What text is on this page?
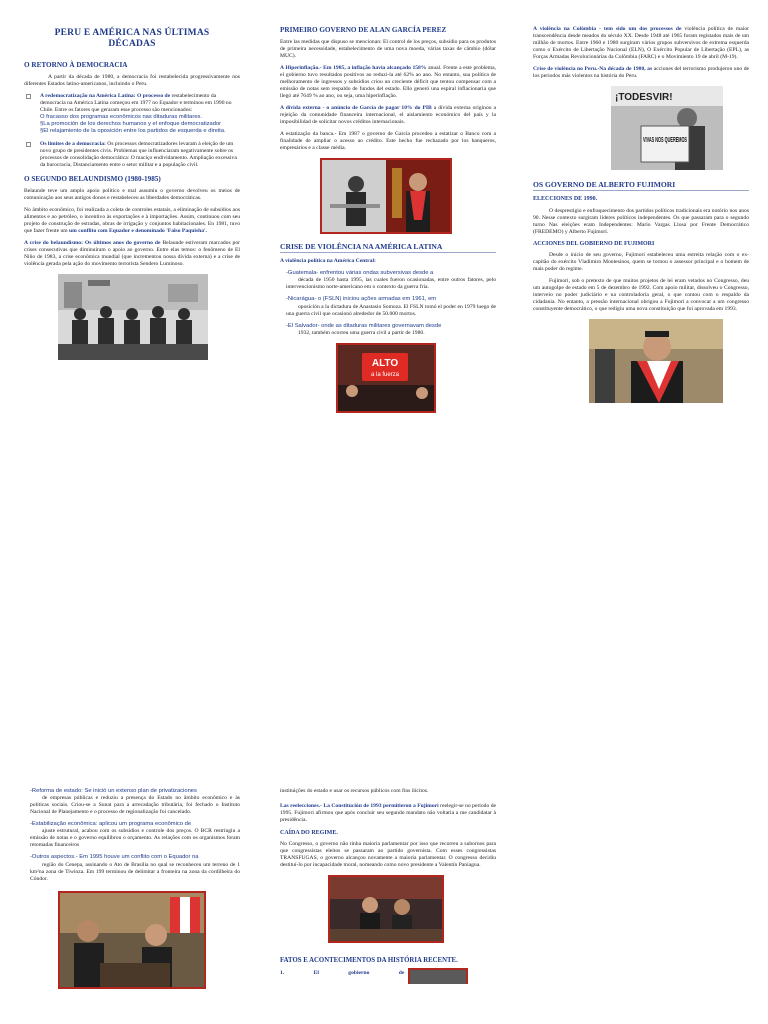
PERU E AMÉRICA NAS ÚLTIMAS DÉCADAS
O RETORNO À DEMOCRACIA

A partir da década de 1980, a democracia foi restabelecida progressivamente nos diferentes Estados latino-americanos, incluindo o Peru.

A redemocratização na América Latina: O processo de restabelecimento da democracia na América Latina começou em 1977 no Equador e terminou em 1990 no Chile. Entre os fatores que geraram esse processo são mencionados:
O fracasso dos programas econômicos nas ditaduras militares.
§La promoción de los derechos humanos y el enfoque democratizador
§El relajamiento de la oposición entre los partidos de esquerda e direita.
Os limites de a democracia: Os processos democratizadores levaram à eleição de um novo grupo de presidentes civis. Problemas que influenciaram negativamente sobre os processos de consolidação democrática: O maciço endividamento. Ampliação excessiva da burocracia, Distanciamento entre o setor militar e a população civil.
O SEGUNDO BELAUNDISMO (1980-1985)

Belaunde teve um amplo apoio político e mal assumiu o governo devolveu os meios de comunicação aos seus antigos donos e restabeleceu as liberdades democráticas.

No âmbito econômico, foi realizada a coleta de controles estatais, a eliminação de subsídios aos alimentos e ao petróleo, o incentivo às exportações e à importações. Assim, continuou com seu projeto de construção de estradas, obras de irrigação y conjuntos habitacionales. En 1981, tuvo que fazer frente um um conflito com Equador e denominado 'Falso Paquisha'.

A crise do belaundismo: Os últimos anos do governo de Belaunde estiveram marcados por crises consecutivas que diminuíram o apoio ao governo. Entre elas temos: o fenômeno de El Niño de 1983, a crise econômica mundial (que incrementou nossa dívida externa) e a crise de violência gerada pela ação do movimento terrorista Sendero Luminoso.

PRIMEIRO GOVERNO DE ALAN GARCÍA PEREZ

Entre las medidas que dispuso se mencionan: El control de los preços, subsídio para os produtos de primeira necessidade, estabelecimento de uma nova moeda, várias taxas de câmbio (dólar MUC).

A Hiperinflação.- Em 1985, a inflação havia alcançado 158% anual. Frente a este problema, el gobierno tuvo resultados positivos ao reduzi-la até 62% ao ano. No entanto, sua política de melhoramento de ingressos y subsídios criou un creciente déficit que tentou compensar com a emissão de notas sem respaldo de fundos del estado. Ello generó una espiral inflacionaria que llegó até 7649 % ao ano, ou seja, uma hiperinflação.

A dívida externa - o anúncio de García de pagar 10% do PIB a dívida externa originou a rejeição da comunidade financeira internacional, el aislamiento económico del país y la imposibilidad de solicitar novos créditos internacionais.

A estatização da banca.- Em 1987 o governo de García procedeu a estatizar o Banco com a finalidade de ampliar o acesso ao crédito. Este hecho fue rechazado por los banqueros, empresários e a classe média.

CRISE DE VIOLÊNCIA NA AMÉRICA LATINA

A violência política na América Central:

-Guatemala- enfrentou várias ondas subversivas desde a
década de 1950 hasta 1995, las cuales fueron ocasionadas, entre outros fatores, pelo intervencionismo norte-americano em o contexto da guerra fria.

-Nicarágua- o (FSLN) iniciou ações armadas em 1961, em
oposición a la dictadura de Anastasio Somoza. El FSLN tomó el poder en 1979 luego de una guerra civil que ocasionó alrededor de 50.000 mortos.

-El Salvador- onde as ditaduras militares governavam desde
1932, também ocorreu uma guerra civil a partir de 1980.

ALTO
a la fuerza

A violência na Colômbia - tem sido um dos processos de violência política de maior transcendência desde meados do século XX. Desde 1948 até 1965 foram registados mais de um milhão de mortos. Entre 1960 e 1980 surgiram vários grupos subversivos de extrema esquerda como o Exército de Libertação Nacional (ELN), O Exército Popular de Libertação (EPL), as Forças Armadas Revolucionárias da Colômbia (FARC) e o Movimiento 19 de abril (M-19).

Crise de violência no Peru.-Na década de 1980, as acciones del terrorismo produjeron uno de los periodos más violentos na história do Peru.

¡TODESVIR!
VIVAS NOS QUEREMOS
OS GOVERNO DE ALBERTO FUJIMORI
ELECCIONES DE 1990.

O desprestígio e enfraquecimento dos partidos políticos tradicionais era notório nos anos 90. Nesse contexto surgiram líderes políticos independentes. Os que passaram para o segundo turno Nas eleições eram Independentes: Mario Vargas Llosa por Frente Democrático (FREDEMO) y Alberto Fujimori.

ACCIONES DEL GOBIERNO DE FUJIMORI

Desde o início de seu governo, Fujimori estabeleceu uma estreita relação com o ex-capitão do exército Vladimiro Montesinos, quem se tornou o assessor principal e o homem de mais poder do regime.

Fujimori, sob o pretexto de que muitos projetos de lei eram vetados no Congresso, deu um autogolpe de estado em 5 de dezembro de 1992. Com apoio militar, dissolveu o Congresso, interveio no poder judiciário e na controladoria geral, o que contou com o respaldo da cidadania. No entanto, a pressão internacional obrigou a Fujimori a convocar a um congresso constituyente democrático, o que redigiu uma nova constituição que foi aprovada em 1993.

-Reforma de estado: Se inició un extenso plan de privatizaciones
de empresas públicas e reduziu a presença do Estado no âmbito econômico e às políticas sociais. Criou-se a Sunat para a arrecadação tributária, foi fechado o Instituto Nacional de Planejamento e o processo de regionalização foi cancelado.

-Estabilização econômica: aplicou um programa econômico de
ajuste estrutural, acabou com os subsídios e controle dos preços. O BCR restringiu a emissão de notas e o governo equilibrou o orçamento. As relações com os organismos foram retomadas financeiros

-Outros aspectos.- Em 1995 houve um conflito com o Equador na
região do Cenepa, assinando o Ato de Brasília no qual se reconheceu um terreno de 1 km²na zona de Tiwinza. Em 199 terminou de delimitar a fronteira na zona da cordilheira do Cóndor.

instituições do estado e usar os recursos públicos com fins ilícitos.

Las reelecciones.- La Constitución de 1993 permitieron a Fujimori reelegir-se no período de 1995. Fujimori afirmou que após concluir seu segundo mandato não voltaria a me candidatar à presidência.

CAÍDA DO REGIME.

No Congresso, o governo não tinha maioria parlamentar por isso que recorreu a subornos para que congressistas eleitos se passaram ao partido governista. Com esses congressistas TRANSFUGAS, o governo alcançou novamente a maioria parlamentar. O congresso decidiu destituí-lo por incapacidade moral, nomeando como novo presidente a Valentín Paniagua.

FATOS E ACONTECIMENTOS DA HISTÓRIA RECENTE.
1. El gobierno de
